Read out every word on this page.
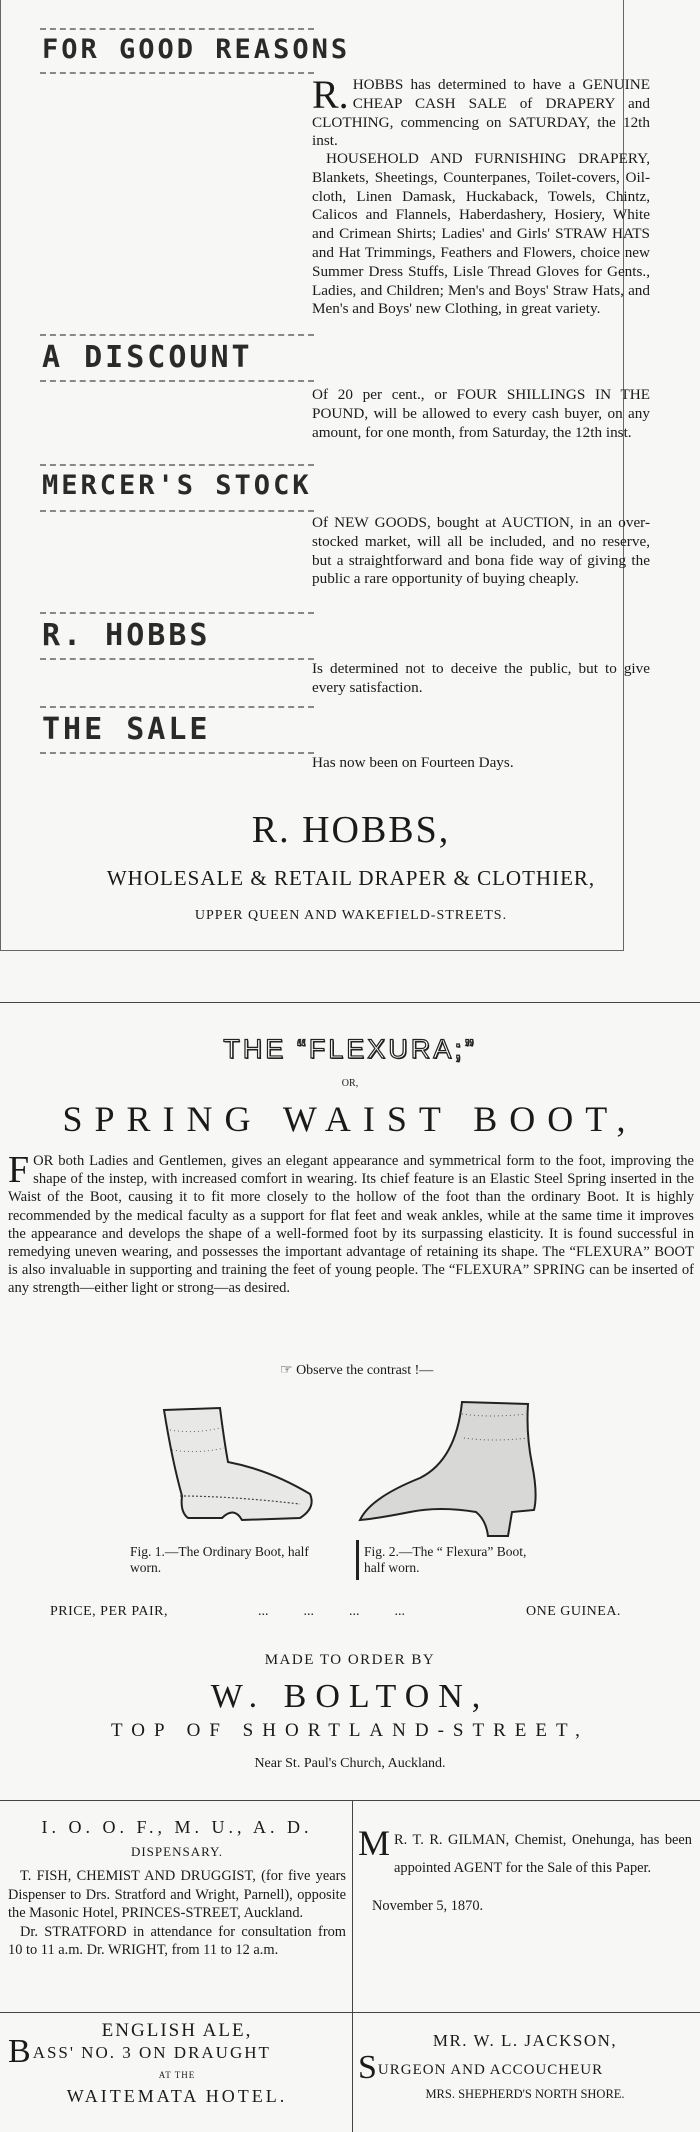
FOR GOOD REASONS
R. HOBBS has determined to have a GENUINE CHEAP CASH SALE of DRAPERY and CLOTHING, commencing on SATURDAY, the 12th inst.
HOUSEHOLD AND FURNISHING DRAPERY, Blankets, Sheetings, Counterpanes, Toilet-covers, Oil-cloth, Linen Damask, Huckaback, Towels, Chintz, Calicos and Flannels, Haberdashery, Hosiery, White and Crimean Shirts; Ladies' and Girls' STRAW HATS and Hat Trimmings, Feathers and Flowers, choice new Summer Dress Stuffs, Lisle Thread Gloves for Gents., Ladies, and Children; Men's and Boys' Straw Hats, and Men's and Boys' new Clothing, in great variety.
A DISCOUNT
Of 20 per cent., or FOUR SHILLINGS IN THE POUND, will be allowed to every cash buyer, on any amount, for one month, from Saturday, the 12th inst.
MERCER'S STOCK
Of NEW GOODS, bought at AUCTION, in an over-stocked market, will all be included, and no reserve, but a straightforward and bona fide way of giving the public a rare opportunity of buying cheaply.
R. HOBBS
Is determined not to deceive the public, but to give every satisfaction.
THE SALE
Has now been on Fourteen Days.
R. HOBBS,
WHOLESALE & RETAIL DRAPER & CLOTHIER,
UPPER QUEEN AND WAKEFIELD-STREETS.
THE “FLEXURA;”
OR,
SPRING WAIST BOOT,
FOR both Ladies and Gentlemen, gives an elegant appearance and symmetrical form to the foot, improving the shape of the instep, with increased comfort in wearing. Its chief feature is an Elastic Steel Spring inserted in the Waist of the Boot, causing it to fit more closely to the hollow of the foot than the ordinary Boot. It is highly recommended by the medical faculty as a support for flat feet and weak ankles, while at the same time it improves the appearance and develops the shape of a well-formed foot by its surpassing elasticity. It is found successful in remedying uneven wearing, and possesses the important advantage of retaining its shape. The “FLEXURA” BOOT is also invaluable in supporting and training the feet of young people. The “FLEXURA” SPRING can be inserted of any strength—either light or strong—as desired.
☞ Observe the contrast !—
Fig. 1.—The Ordinary Boot, half worn.
Fig. 2.—The “ Flexura” Boot, half worn.
PRICE, PER PAIR,	...          ...          ...          ...	ONE GUINEA.
MADE TO ORDER BY
W. BOLTON,
TOP OF SHORTLAND-STREET,
Near St. Paul's Church, Auckland.
I. O. O. F., M. U., A. D.
DISPENSARY.
T. FISH, CHEMIST AND DRUGGIST, (for five years Dispenser to Drs. Stratford and Wright, Parnell), opposite the Masonic Hotel, PRINCES-STREET, Auckland.
Dr. STRATFORD in attendance for consultation from 10 to 11 a.m. Dr. WRIGHT, from 11 to 12 a.m.
M R. T. R. GILMAN, Chemist, Onehunga, has been appointed AGENT for the Sale of this Paper.
November 5, 1870.
ENGLISH ALE,
BASS' NO. 3 ON DRAUGHT
AT THE
WAITEMATA HOTEL.
MR. W. L. JACKSON,
SURGEON AND ACCOUCHEUR
MRS. SHEPHERD'S NORTH SHORE.
